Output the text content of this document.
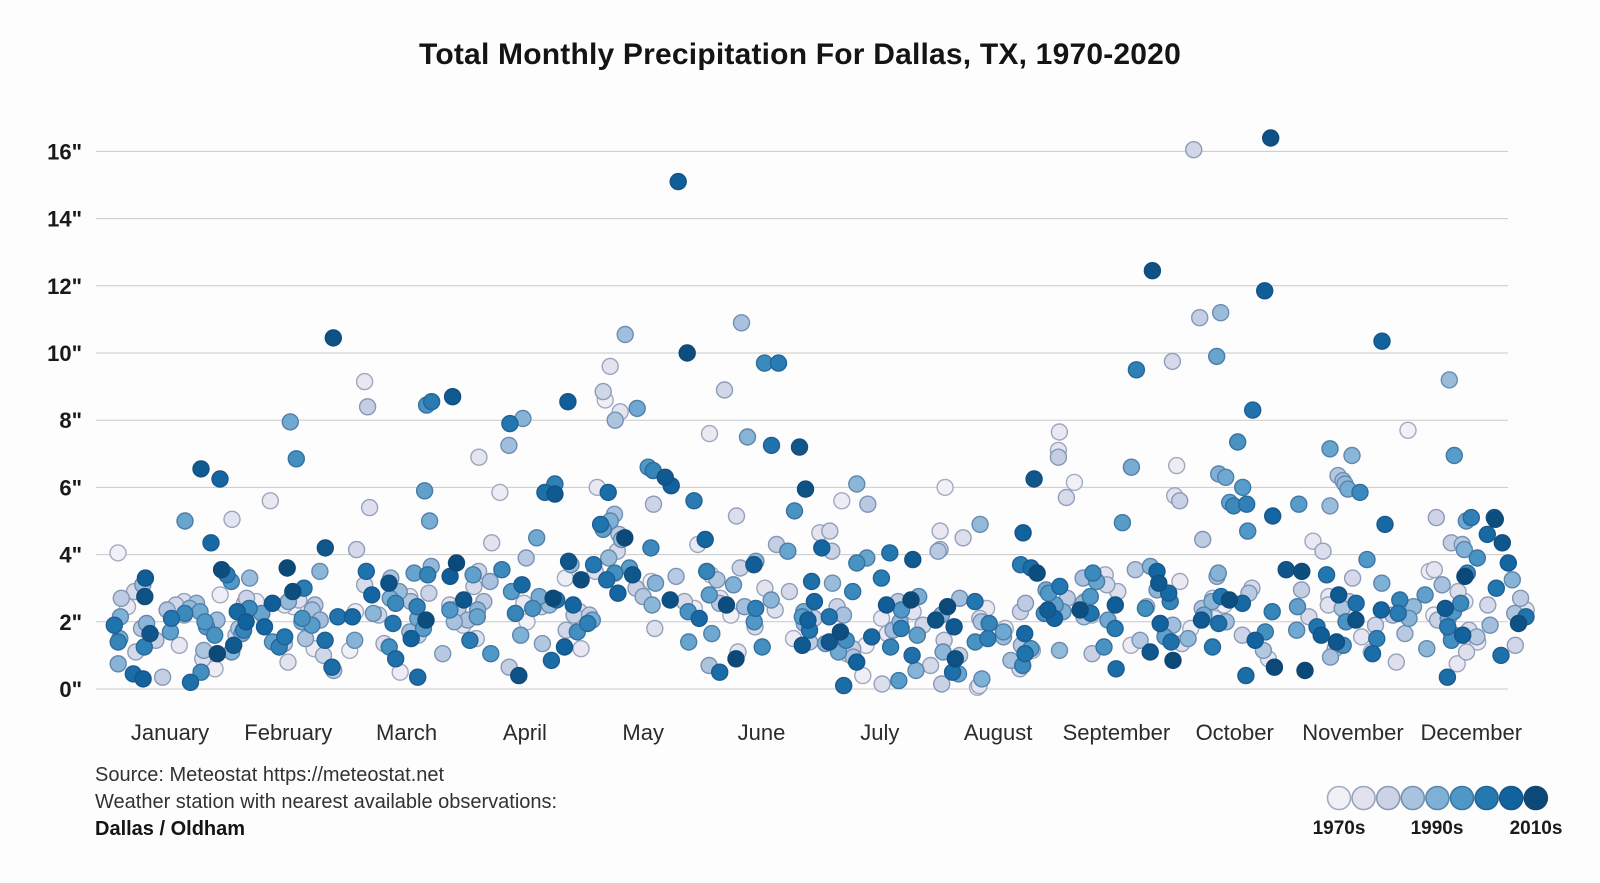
Total Monthly Precipitation For Dallas, TX, 1970-2020
0"
2"
4"
6"
8"
10"
12"
14"
16"
January February March	April	May	June	July	August September October November December
Source: Meteostat https://meteostat.net
Weather station with nearest available observations:
Dallas / Oldham	1970s 1990s 2010s
